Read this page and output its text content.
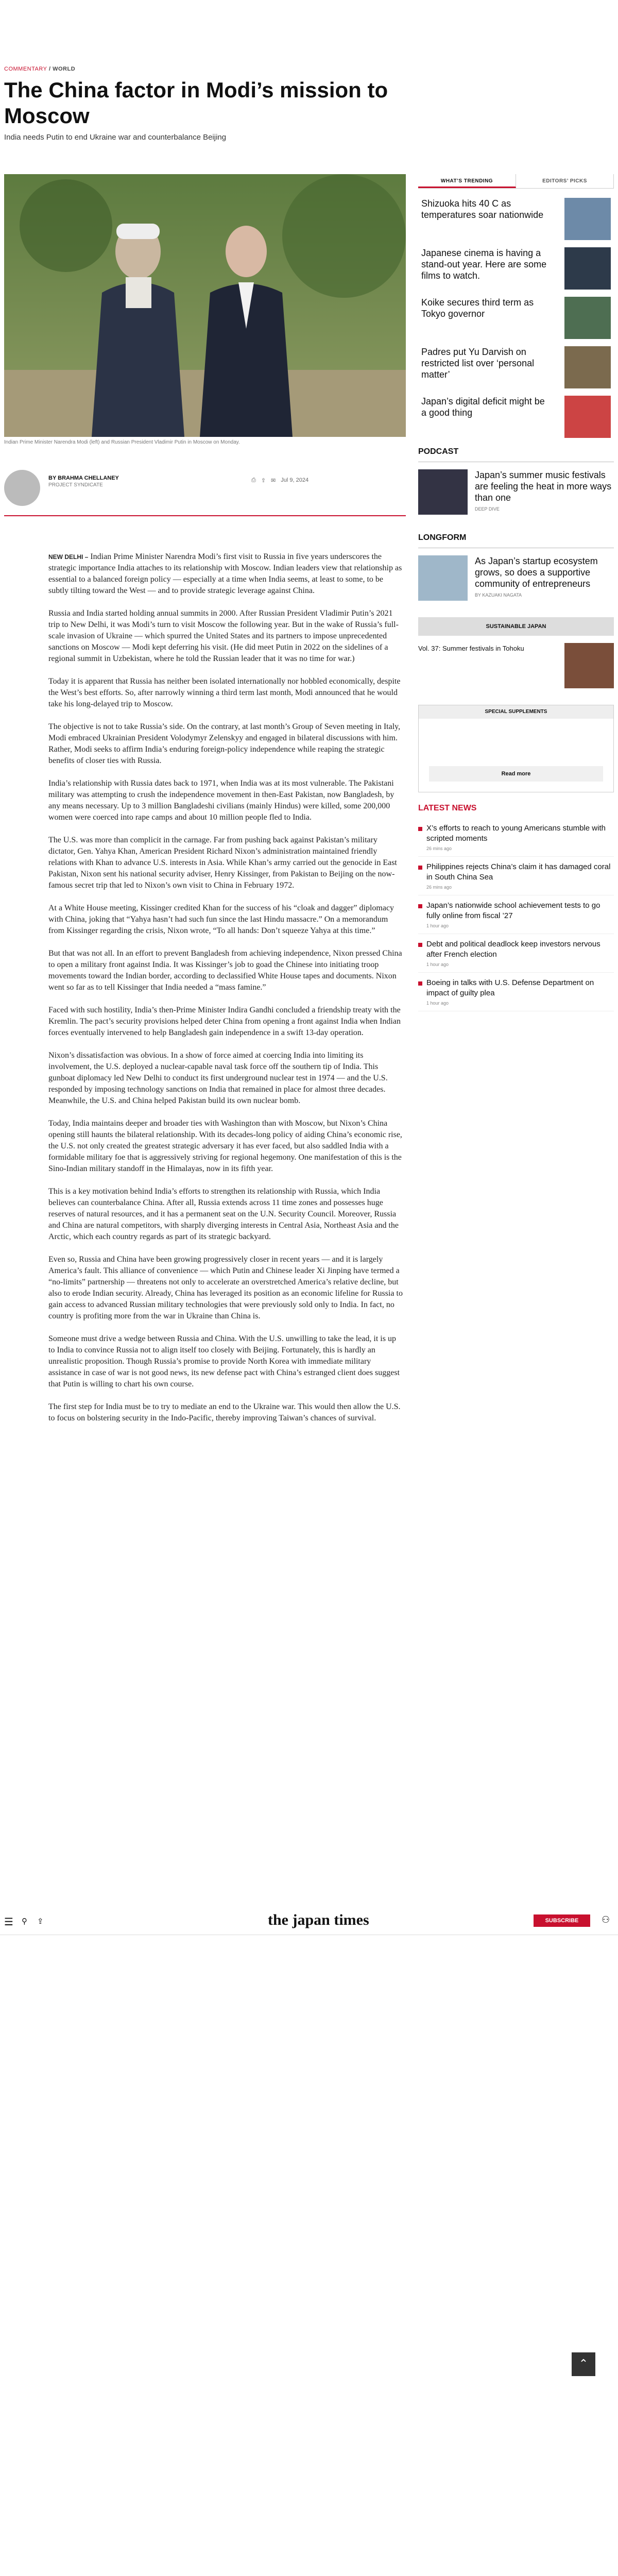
COMMENTARY / WORLD
The China factor in Modi’s mission to Moscow
India needs Putin to end Ukraine war and counterbalance Beijing
Indian Prime Minister Narendra Modi (left) and Russian President Vladimir Putin in Moscow on Monday.
BY BRAHMA CHELLANEY
PROJECT SYNDICATE
⎙ ⇪ ✉ Jul 9, 2024

NEW DELHI – Indian Prime Minister Narendra Modi’s first visit to Russia in five years underscores the strategic importance India attaches to its relationship with Moscow. Indian leaders view that relationship as essential to a balanced foreign policy — especially at a time when India seems, at least to some, to be subtly tilting toward the West — and to provide strategic leverage against China.

Russia and India started holding annual summits in 2000. After Russian President Vladimir Putin’s 2021 trip to New Delhi, it was Modi’s turn to visit Moscow the following year. But in the wake of Russia’s full-scale invasion of Ukraine — which spurred the United States and its partners to impose unprecedented sanctions on Moscow — Modi kept deferring his visit. (He did meet Putin in 2022 on the sidelines of a regional summit in Uzbekistan, where he told the Russian leader that it was no time for war.)

Today it is apparent that Russia has neither been isolated internationally nor hobbled economically, despite the West’s best efforts. So, after narrowly winning a third term last month, Modi announced that he would take his long-delayed trip to Moscow.

The objective is not to take Russia’s side. On the contrary, at last month’s Group of Seven meeting in Italy, Modi embraced Ukrainian President Volodymyr Zelenskyy and engaged in bilateral discussions with him. Rather, Modi seeks to affirm India’s enduring foreign-policy independence while reaping the strategic benefits of closer ties with Russia.

India’s relationship with Russia dates back to 1971, when India was at its most vulnerable. The Pakistani military was attempting to crush the independence movement in then-East Pakistan, now Bangladesh, by any means necessary. Up to 3 million Bangladeshi civilians (mainly Hindus) were killed, some 200,000 women were coerced into rape camps and about 10 million people fled to India.

The U.S. was more than complicit in the carnage. Far from pushing back against Pakistan’s military dictator, Gen. Yahya Khan, American President Richard Nixon’s administration maintained friendly relations with Khan to advance U.S. interests in Asia. While Khan’s army carried out the genocide in East Pakistan, Nixon sent his national security adviser, Henry Kissinger, from Pakistan to Beijing on the now-famous secret trip that led to Nixon’s own visit to China in February 1972.

At a White House meeting, Kissinger credited Khan for the success of his “cloak and dagger” diplomacy with China, joking that “Yahya hasn’t had such fun since the last Hindu massacre.” On a memorandum from Kissinger regarding the crisis, Nixon wrote, “To all hands: Don’t squeeze Yahya at this time.”

But that was not all. In an effort to prevent Bangladesh from achieving independence, Nixon pressed China to open a military front against India. It was Kissinger’s job to goad the Chinese into initiating troop movements toward the Indian border, according to declassified White House tapes and documents. Nixon went so far as to tell Kissinger that India needed a “mass famine.”

Faced with such hostility, India’s then-Prime Minister Indira Gandhi concluded a friendship treaty with the Kremlin. The pact’s security provisions helped deter China from opening a front against India when Indian forces eventually intervened to help Bangladesh gain independence in a swift 13-day operation.

Nixon’s dissatisfaction was obvious. In a show of force aimed at coercing India into limiting its involvement, the U.S. deployed a nuclear-capable naval task force off the southern tip of India. This gunboat diplomacy led New Delhi to conduct its first underground nuclear test in 1974 — and the U.S. responded by imposing technology sanctions on India that remained in place for almost three decades. Meanwhile, the U.S. and China helped Pakistan build its own nuclear bomb.

Today, India maintains deeper and broader ties with Washington than with Moscow, but Nixon’s China opening still haunts the bilateral relationship. With its decades-long policy of aiding China’s economic rise, the U.S. not only created the greatest strategic adversary it has ever faced, but also saddled India with a formidable military foe that is aggressively striving for regional hegemony. One manifestation of this is the Sino-Indian military standoff in the Himalayas, now in its fifth year.

This is a key motivation behind India’s efforts to strengthen its relationship with Russia, which India believes can counterbalance China. After all, Russia extends across 11 time zones and possesses huge reserves of natural resources, and it has a permanent seat on the U.N. Security Council. Moreover, Russia and China are natural competitors, with sharply diverging interests in Central Asia, Northeast Asia and the Arctic, which each country regards as part of its strategic backyard.

Even so, Russia and China have been growing progressively closer in recent years — and it is largely America’s fault. This alliance of convenience — which Putin and Chinese leader Xi Jinping have termed a “no-limits” partnership — threatens not only to accelerate an overstretched America’s relative decline, but also to erode Indian security. Already, China has leveraged its position as an economic lifeline for Russia to gain access to advanced Russian military technologies that were previously sold only to India. In fact, no country is profiting more from the war in Ukraine than China is.

Someone must drive a wedge between Russia and China. With the U.S. unwilling to take the lead, it is up to India to convince Russia not to align itself too closely with Beijing. Fortunately, this is hardly an unrealistic proposition. Though Russia’s promise to provide North Korea with immediate military assistance in case of war is not good news, its new defense pact with China’s estranged client does suggest that Putin is willing to chart his own course.

The first step for India must be to try to mediate an end to the Ukraine war. This would then allow the U.S. to focus on bolstering security in the Indo-Pacific, thereby improving Taiwan’s chances of survival.

WHAT’S TRENDING	EDITORS’ PICKS
Shizuoka hits 40 C as temperatures soar nationwide
Japanese cinema is having a stand-out year. Here are some films to watch.
Koike secures third term as Tokyo governor
Padres put Yu Darvish on restricted list over ‘personal matter’
Japan’s digital deficit might be a good thing
PODCAST
Japan’s summer music festivals are feeling the heat in more ways than one
DEEP DIVE
LONGFORM
As Japan’s startup ecosystem grows, so does a supportive community of entrepreneurs
BY KAZUAKI NAGATA
SUSTAINABLE JAPAN
Vol. 37: Summer festivals in Tohoku
SPECIAL SUPPLEMENTS
Read more
LATEST NEWS
X’s efforts to reach to young Americans stumble with scripted moments
26 mins ago
Philippines rejects China’s claim it has damaged coral in South China Sea
26 mins ago
Japan’s nationwide school achievement tests to go fully online from fiscal ’27
1 hour ago
Debt and political deadlock keep investors nervous after French election
1 hour ago
Boeing in talks with U.S. Defense Department on impact of guilty plea
1 hour ago
☰ ⚲ ⇪	the japan times	SUBSCRIBE	⚇
⌃
